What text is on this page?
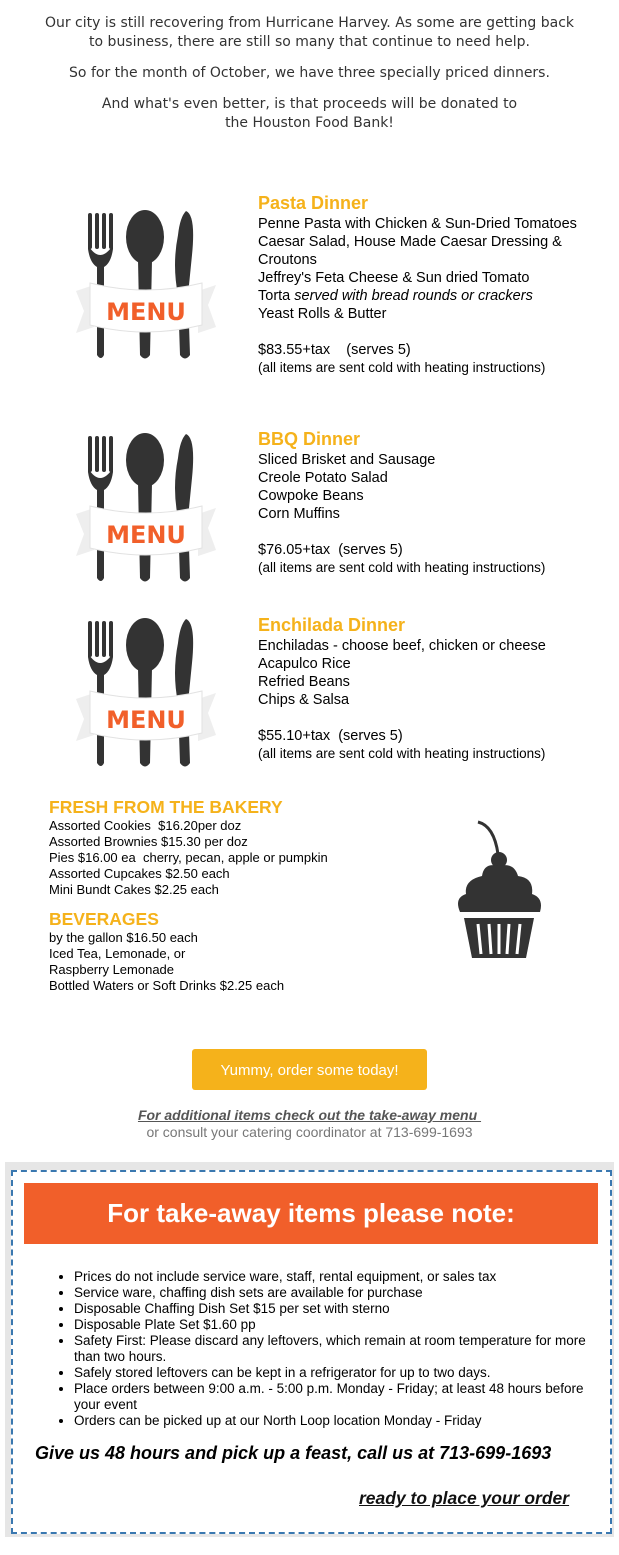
Our city is still recovering from Hurricane Harvey. As some are getting back to business, there are still so many that continue to need help.

So for the month of October, we have three specially priced dinners.

And what's even better, is that proceeds will be donated to the Houston Food Bank!

MENU
MENU
MENU
Pasta Dinner
Penne Pasta with Chicken & Sun-Dried Tomatoes
Caesar Salad, House Made Caesar Dressing & Croutons
Jeffrey's Feta Cheese & Sun dried Tomato
Torta served with bread rounds or crackers
Yeast Rolls & Butter
$83.55+tax    (serves 5)
(all items are sent cold with heating instructions)
BBQ Dinner
Sliced Brisket and Sausage
Creole Potato Salad
Cowpoke Beans
Corn Muffins
$76.05+tax  (serves 5)
(all items are sent cold with heating instructions)
Enchilada Dinner
Enchiladas - choose beef, chicken or cheese
Acapulco Rice
Refried Beans
Chips & Salsa
$55.10+tax  (serves 5)
(all items are sent cold with heating instructions)
FRESH FROM THE BAKERY
Assorted Cookies  $16.20per doz
Assorted Brownies $15.30 per doz
Pies $16.00 ea  cherry, pecan, apple or pumpkin
Assorted Cupcakes $2.50 each
Mini Bundt Cakes $2.25 each
BEVERAGES
by the gallon $16.50 each
Iced Tea, Lemonade, or
Raspberry Lemonade
Bottled Waters or Soft Drinks $2.25 each
Yummy, order some today!
For additional items check out the take-away menu
or consult your catering coordinator at 713-699-1693
For take-away items please note:
• Prices do not include service ware, staff, rental equipment, or sales tax
• Service ware, chaffing dish sets are available for purchase
• Disposable Chaffing Dish Set $15 per set with sterno
• Disposable Plate Set $1.60 pp
• Safety First: Please discard any leftovers, which remain at room temperature for more than two hours.
• Safely stored leftovers can be kept in a refrigerator for up to two days.
• Place orders between 9:00 a.m. - 5:00 p.m. Monday - Friday; at least 48 hours before your event
• Orders can be picked up at our North Loop location Monday - Friday
Give us 48 hours and pick up a feast, call us at 713-699-1693
ready to place your order
